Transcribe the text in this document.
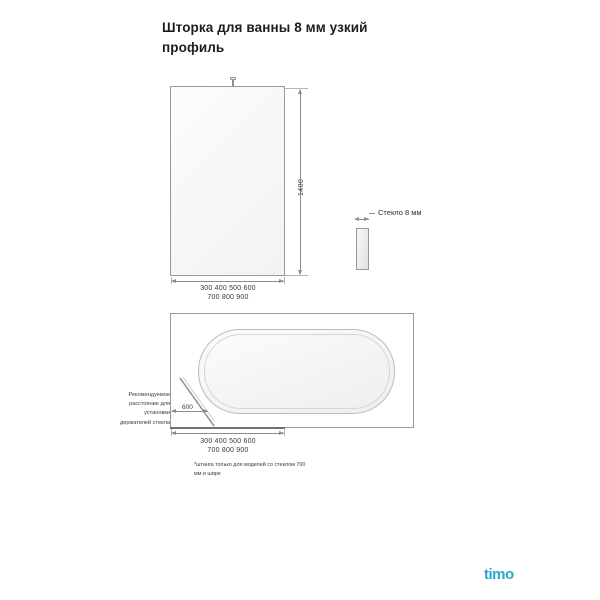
Шторка для ванны 8 мм узкий профиль
1400
300 400 500 600
700 800 900
Стекло 8 мм
Рекомендуемое расстояние для установки держателей стекла
600
300 400 500 600
700 800 900
*штанга только для моделей со стеклом 700 мм и шире
timo
